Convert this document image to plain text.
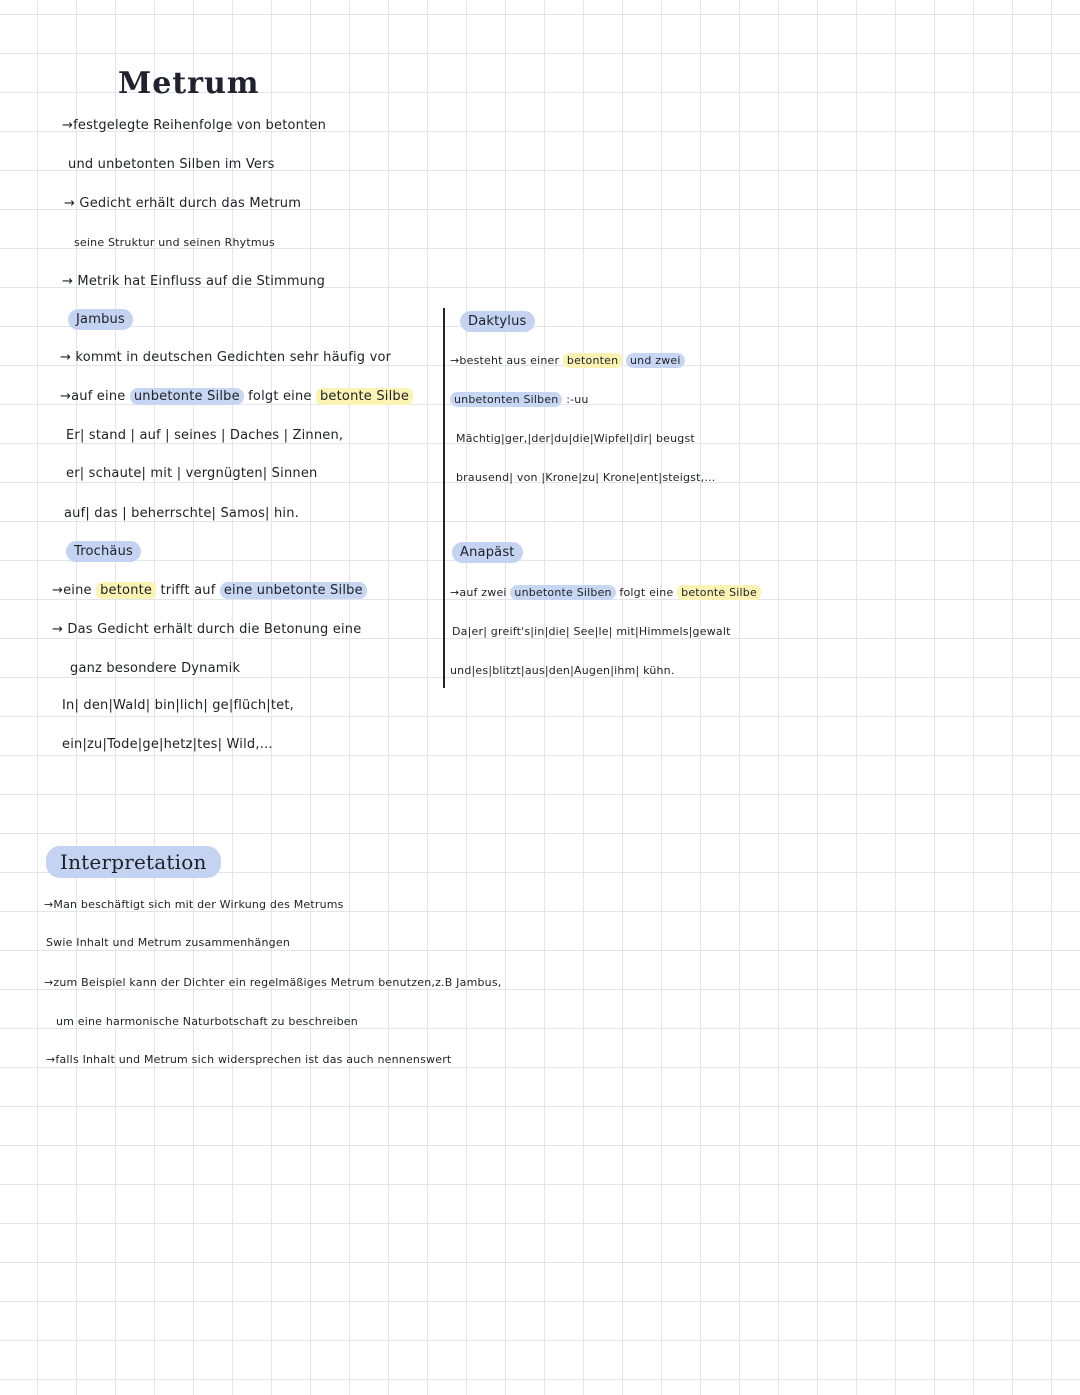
Metrum
→festgelegte Reihenfolge von betonten
und unbetonten Silben im Vers
→ Gedicht erhält durch das Metrum
seine Struktur und seinen Rhytmus
→ Metrik hat Einfluss auf die Stimmung
Jambus
→ kommt in deutschen Gedichten sehr häufig vor
→auf eine unbetonte Silbe folgt eine betonte Silbe
Er| stand | auf | seines | Daches | Zinnen,
er| schaute| mit | vergnügten| Sinnen
auf| das | beherrschte| Samos| hin.
Trochäus
→eine betonte trifft auf eine unbetonte Silbe
→ Das Gedicht erhält durch die Betonung eine
ganz besondere Dynamik
In| den|Wald| bin|lich| ge|flüch|tet,
ein|zu|Tode|ge|hetz|tes| Wild,...
Daktylus
→besteht aus einer betonten und zwei
unbetonten Silben :-uu
Mächtig|ger,|der|du|die|Wipfel|dir| beugst
brausend| von |Krone|zu| Krone|ent|steigst,...
Anapäst
→auf zwei unbetonte Silben folgt eine betonte Silbe
Da|er| greift's|in|die| See|le| mit|Himmels|gewalt
und|es|blitzt|aus|den|Augen|ihm| kühn.
Interpretation
→Man beschäftigt sich mit der Wirkung des Metrums
Swie Inhalt und Metrum zusammenhängen
→zum Beispiel kann der Dichter ein regelmäßiges Metrum benutzen,z.B Jambus,
um eine harmonische Naturbotschaft zu beschreiben
→falls Inhalt und Metrum sich widersprechen ist das auch nennenswert
